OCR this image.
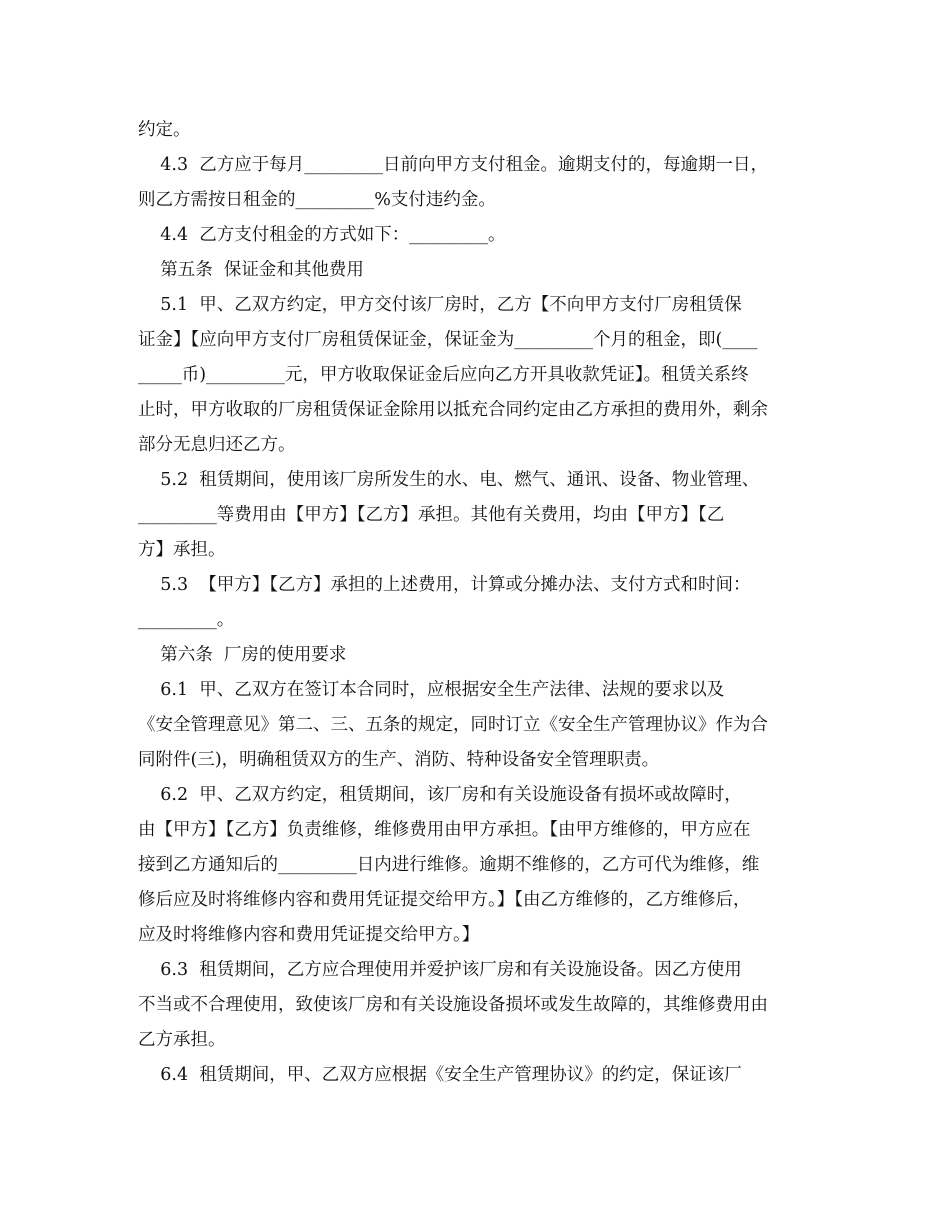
约定。
4.3  乙方应于每月_________日前向甲方支付租金。逾期支付的，每逾期一日，
则乙方需按日租金的_________%支付违约金。
4.4  乙方支付租金的方式如下：_________。
第五条  保证金和其他费用
5.1  甲、乙双方约定，甲方交付该厂房时，乙方【不向甲方支付厂房租赁保
证金】【应向甲方支付厂房租赁保证金，保证金为_________个月的租金，即(____
_____币)_________元，甲方收取保证金后应向乙方开具收款凭证】。租赁关系终
止时，甲方收取的厂房租赁保证金除用以抵充合同约定由乙方承担的费用外，剩余
部分无息归还乙方。
5.2  租赁期间，使用该厂房所发生的水、电、燃气、通讯、设备、物业管理、
_________等费用由【甲方】【乙方】承担。其他有关费用，均由【甲方】【乙
方】承担。
5.3  【甲方】【乙方】承担的上述费用，计算或分摊办法、支付方式和时间：
_________。
第六条  厂房的使用要求
6.1  甲、乙双方在签订本合同时，应根据安全生产法律、法规的要求以及
《安全管理意见》第二、三、五条的规定，同时订立《安全生产管理协议》作为合
同附件(三)，明确租赁双方的生产、消防、特种设备安全管理职责。
6.2  甲、乙双方约定，租赁期间，该厂房和有关设施设备有损坏或故障时，
由【甲方】【乙方】负责维修，维修费用由甲方承担。【由甲方维修的，甲方应在
接到乙方通知后的_________日内进行维修。逾期不维修的，乙方可代为维修，维
修后应及时将维修内容和费用凭证提交给甲方。】【由乙方维修的，乙方维修后，
应及时将维修内容和费用凭证提交给甲方。】
6.3  租赁期间，乙方应合理使用并爱护该厂房和有关设施设备。因乙方使用
不当或不合理使用，致使该厂房和有关设施设备损坏或发生故障的，其维修费用由
乙方承担。
6.4  租赁期间，甲、乙双方应根据《安全生产管理协议》的约定，保证该厂
